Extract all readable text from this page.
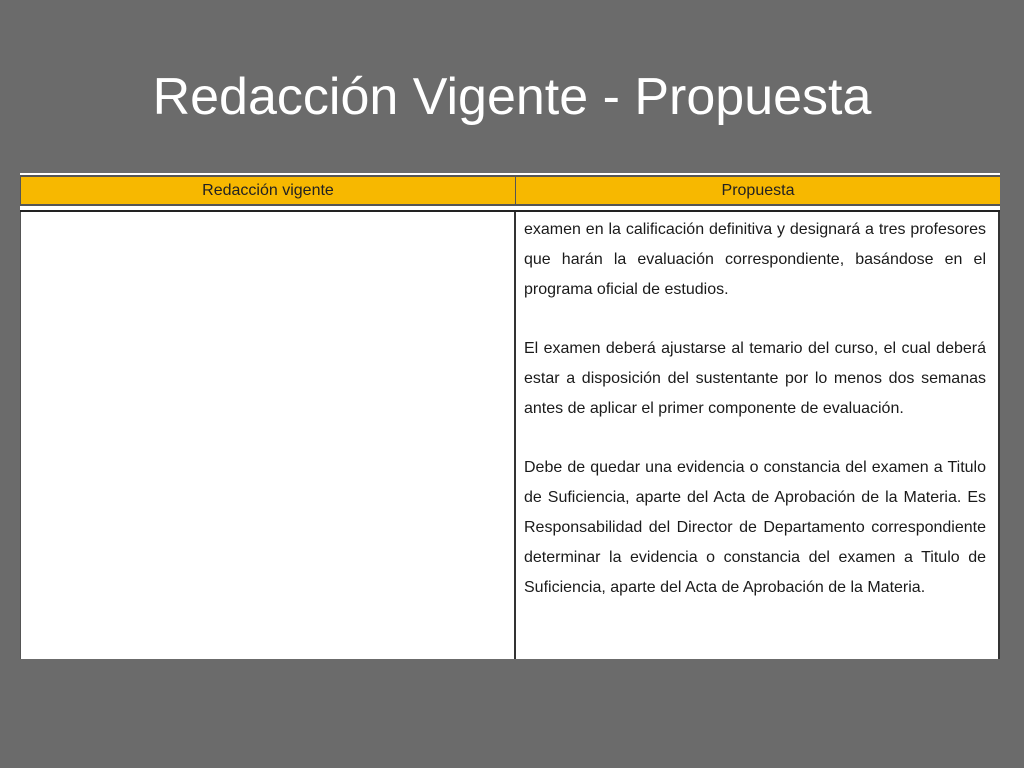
Redacción Vigente - Propuesta
Redacción vigente	Propuesta

examen en la calificación definitiva y designará a tres profesores que harán la evaluación correspondiente, basándose en el programa oficial de estudios.

El examen deberá ajustarse al temario del curso, el cual deberá estar a disposición del sustentante por lo menos dos semanas antes de aplicar el primer componente de evaluación.

Debe de quedar una evidencia o constancia del examen a Titulo de Suficiencia, aparte del Acta de Aprobación de la Materia. Es Responsabilidad del Director de Departamento correspondiente determinar la evidencia o constancia del examen a Titulo de Suficiencia, aparte del Acta de Aprobación de la Materia.
